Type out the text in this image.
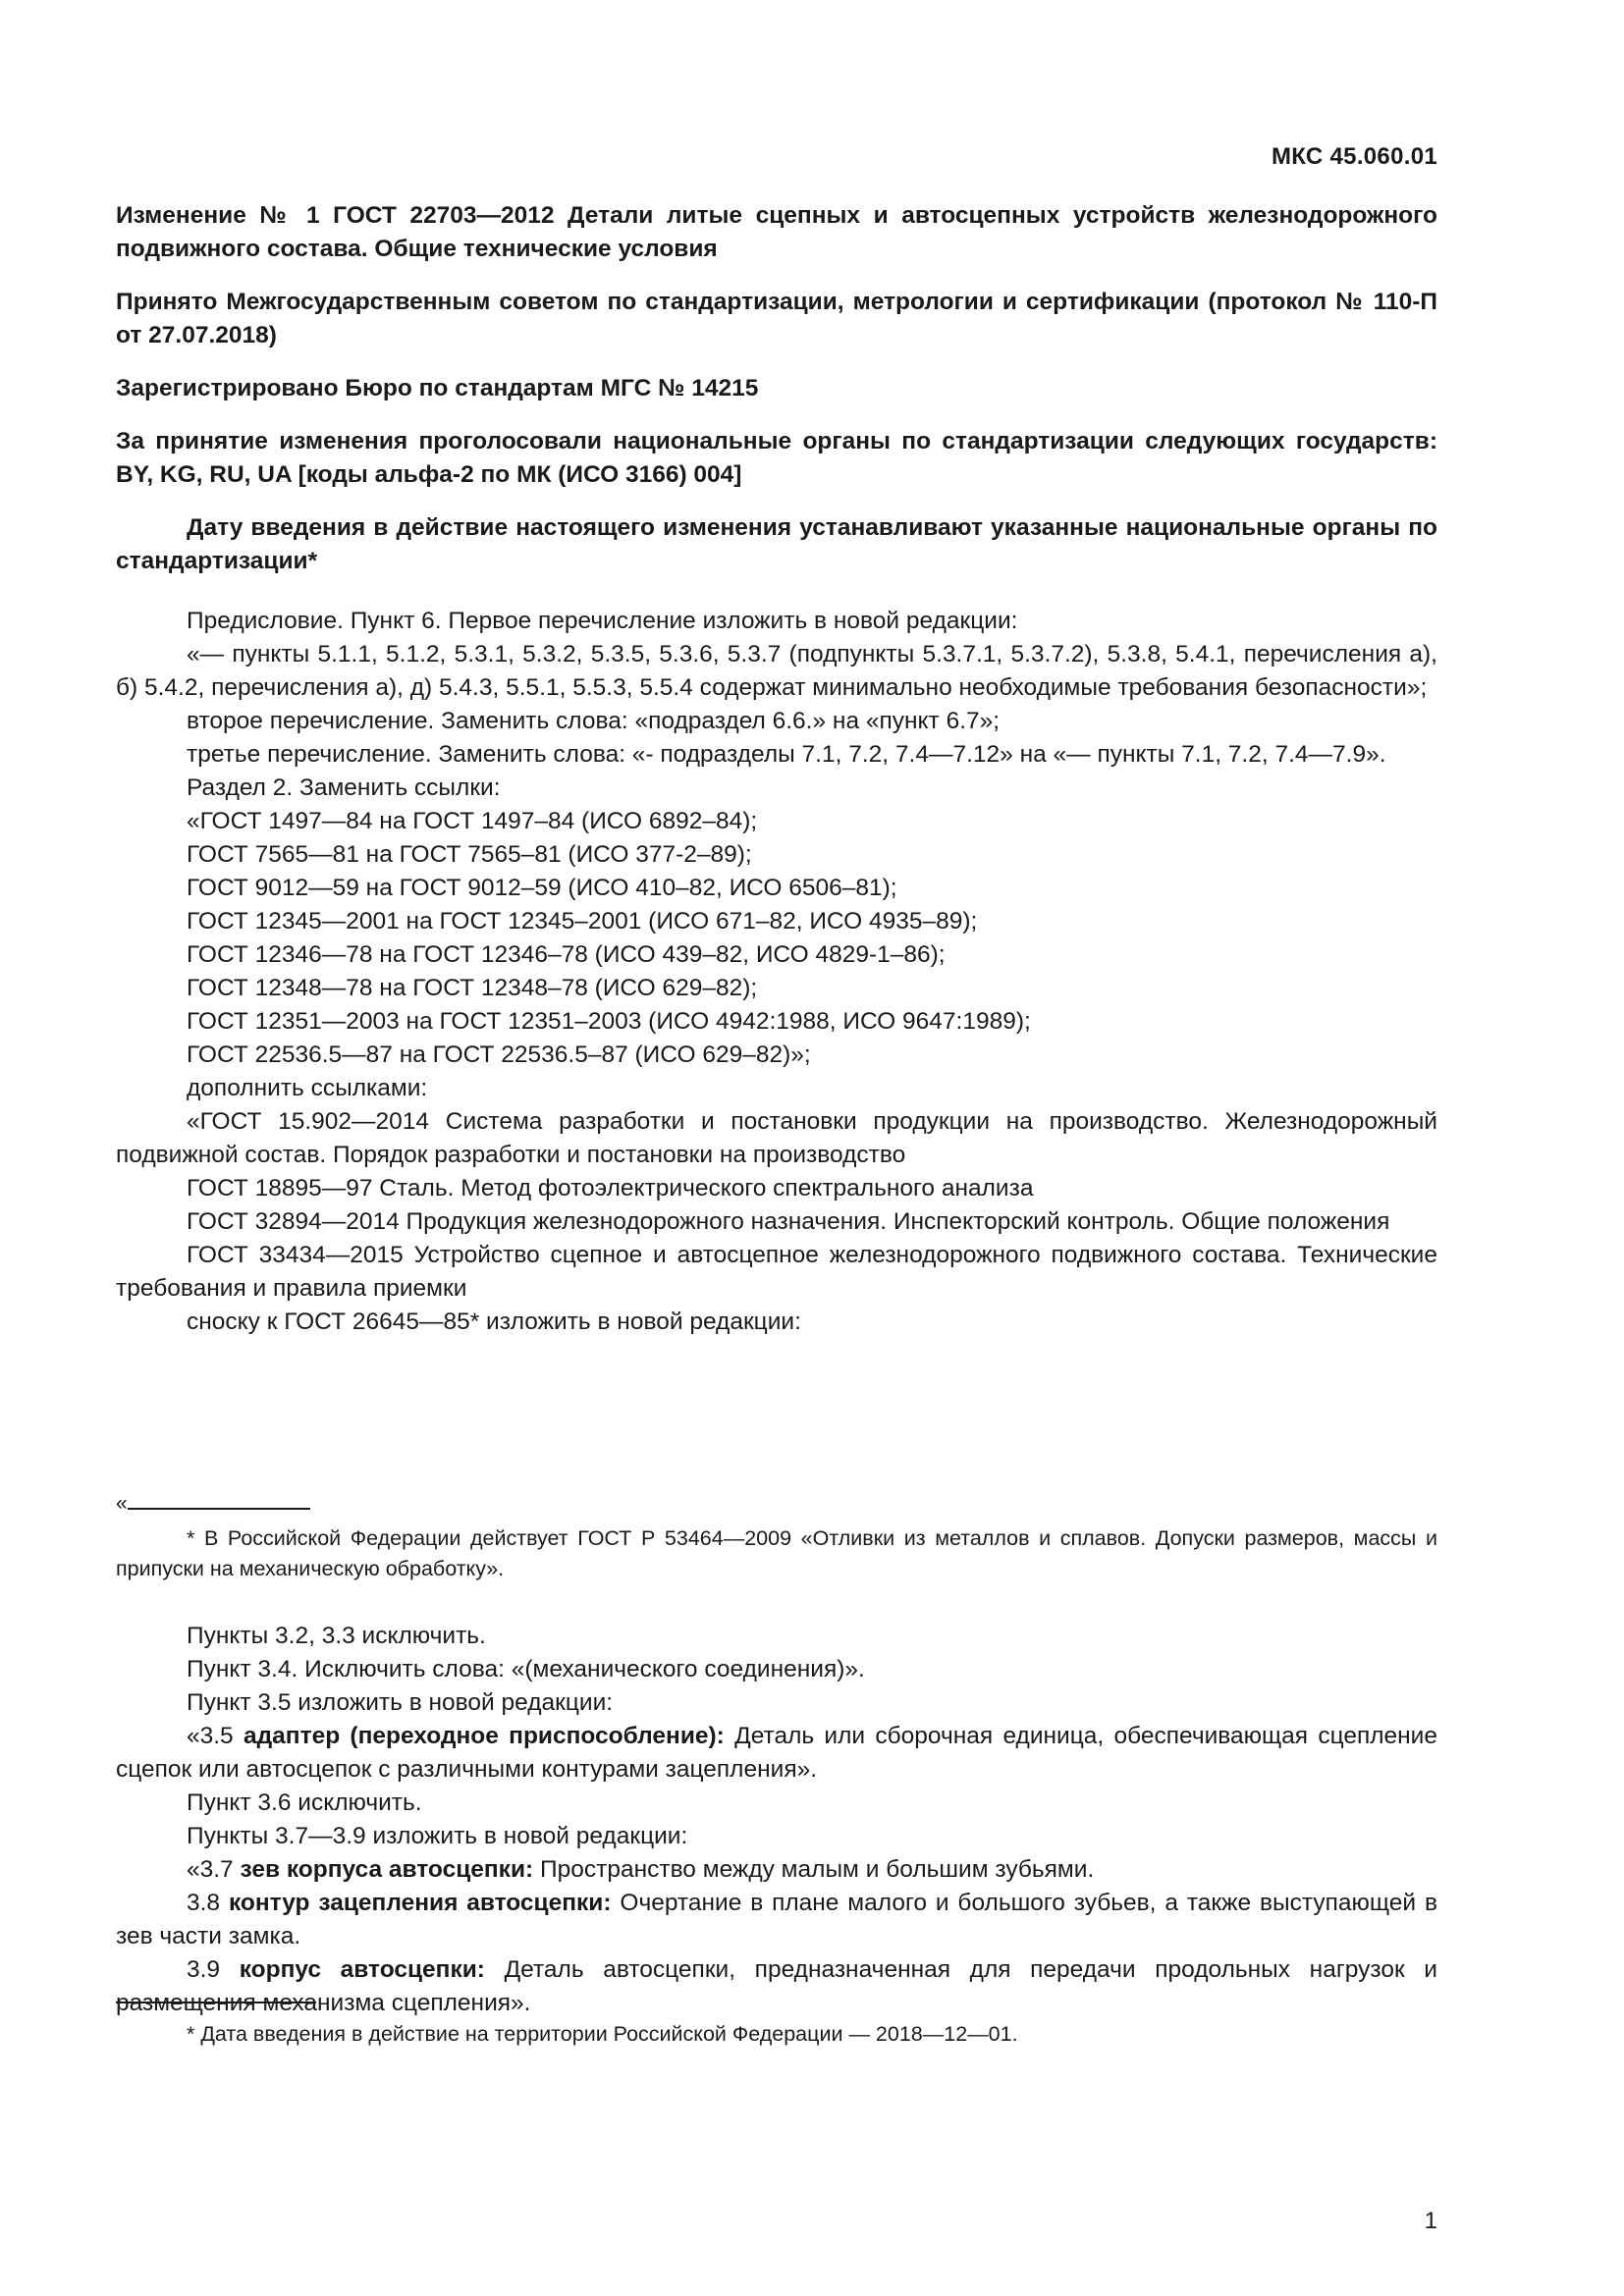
МКС 45.060.01

Изменение № 1 ГОСТ 22703—2012 Детали литые сцепных и автосцепных устройств железнодорожного подвижного состава. Общие технические условия

Принято Межгосударственным советом по стандартизации, метрологии и сертификации (протокол № 110-П от 27.07.2018)

Зарегистрировано Бюро по стандартам МГС № 14215

За принятие изменения проголосовали национальные органы по стандартизации следующих государств: BY, KG, RU, UA [коды альфа-2 по МК (ИСО 3166) 004]

Дату введения в действие настоящего изменения устанавливают указанные национальные органы по стандартизации*

Предисловие. Пункт 6. Первое перечисление изложить в новой редакции:

«— пункты 5.1.1, 5.1.2, 5.3.1, 5.3.2, 5.3.5, 5.3.6, 5.3.7 (подпункты 5.3.7.1, 5.3.7.2), 5.3.8, 5.4.1, перечисления а), б) 5.4.2, перечисления а), д) 5.4.3, 5.5.1, 5.5.3, 5.5.4 содержат минимально необходимые требования безопасности»;

второе перечисление. Заменить слова: «подраздел 6.6.» на «пункт 6.7»;

третье перечисление. Заменить слова: «- подразделы 7.1, 7.2, 7.4—7.12» на «— пункты 7.1, 7.2, 7.4—7.9».

Раздел 2. Заменить ссылки:

«ГОСТ 1497—84 на ГОСТ 1497–84 (ИСО 6892–84);

ГОСТ 7565—81 на ГОСТ 7565–81 (ИСО 377-2–89);

ГОСТ 9012—59 на ГОСТ 9012–59 (ИСО 410–82, ИСО 6506–81);

ГОСТ 12345—2001 на ГОСТ 12345–2001 (ИСО 671–82, ИСО 4935–89);

ГОСТ 12346—78 на ГОСТ 12346–78 (ИСО 439–82, ИСО 4829-1–86);

ГОСТ 12348—78 на ГОСТ 12348–78 (ИСО 629–82);

ГОСТ 12351—2003 на ГОСТ 12351–2003 (ИСО 4942:1988, ИСО 9647:1989);

ГОСТ 22536.5—87 на ГОСТ 22536.5–87 (ИСО 629–82)»;

дополнить ссылками:

«ГОСТ 15.902—2014 Система разработки и постановки продукции на производство. Железнодорожный подвижной состав. Порядок разработки и постановки на производство

ГОСТ 18895—97 Сталь. Метод фотоэлектрического спектрального анализа

ГОСТ 32894—2014 Продукция железнодорожного назначения. Инспекторский контроль. Общие положения

ГОСТ 33434—2015 Устройство сцепное и автосцепное железнодорожного подвижного состава. Технические требования и правила приемки

сноску к ГОСТ 26645—85* изложить в новой редакции:

«

* В Российской Федерации действует ГОСТ Р 53464—2009 «Отливки из металлов и сплавов. Допуски размеров, массы и припуски на механическую обработку».

Пункты 3.2, 3.3 исключить.

Пункт 3.4. Исключить слова: «(механического соединения)».

Пункт 3.5 изложить в новой редакции:

«3.5 адаптер (переходное приспособление): Деталь или сборочная единица, обеспечивающая сцепление сцепок или автосцепок с различными контурами зацепления».

Пункт 3.6 исключить.

Пункты 3.7—3.9 изложить в новой редакции:

«3.7 зев корпуса автосцепки: Пространство между малым и большим зубьями.

3.8 контур зацепления автосцепки: Очертание в плане малого и большого зубьев, а также выступающей в зев части замка.

3.9 корпус автосцепки: Деталь автосцепки, предназначенная для передачи продольных нагрузок и размещения механизма сцепления».

* Дата введения в действие на территории Российской Федерации — 2018—12—01.

1
